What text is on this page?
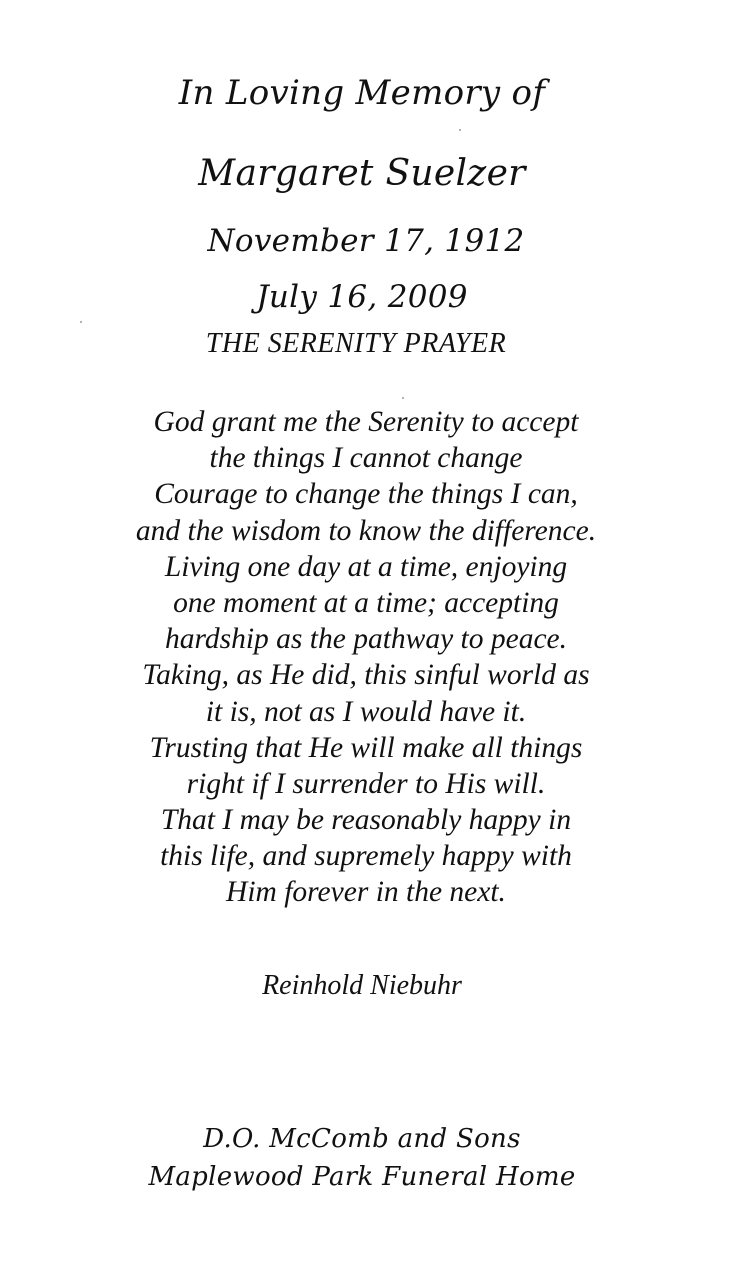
In Loving Memory of
Margaret Suelzer
November 17, 1912
July 16, 2009
THE SERENITY PRAYER
God grant me the Serenity to accept
the things I cannot change
Courage to change the things I can,
and the wisdom to know the difference.
Living one day at a time, enjoying
one moment at a time; accepting
hardship as the pathway to peace.
Taking, as He did, this sinful world as
it is, not as I would have it.
Trusting that He will make all things
right if I surrender to His will.
That I may be reasonably happy in
this life, and supremely happy with
Him forever in the next.
Reinhold Niebuhr
D.O. McComb and Sons
Maplewood Park Funeral Home
